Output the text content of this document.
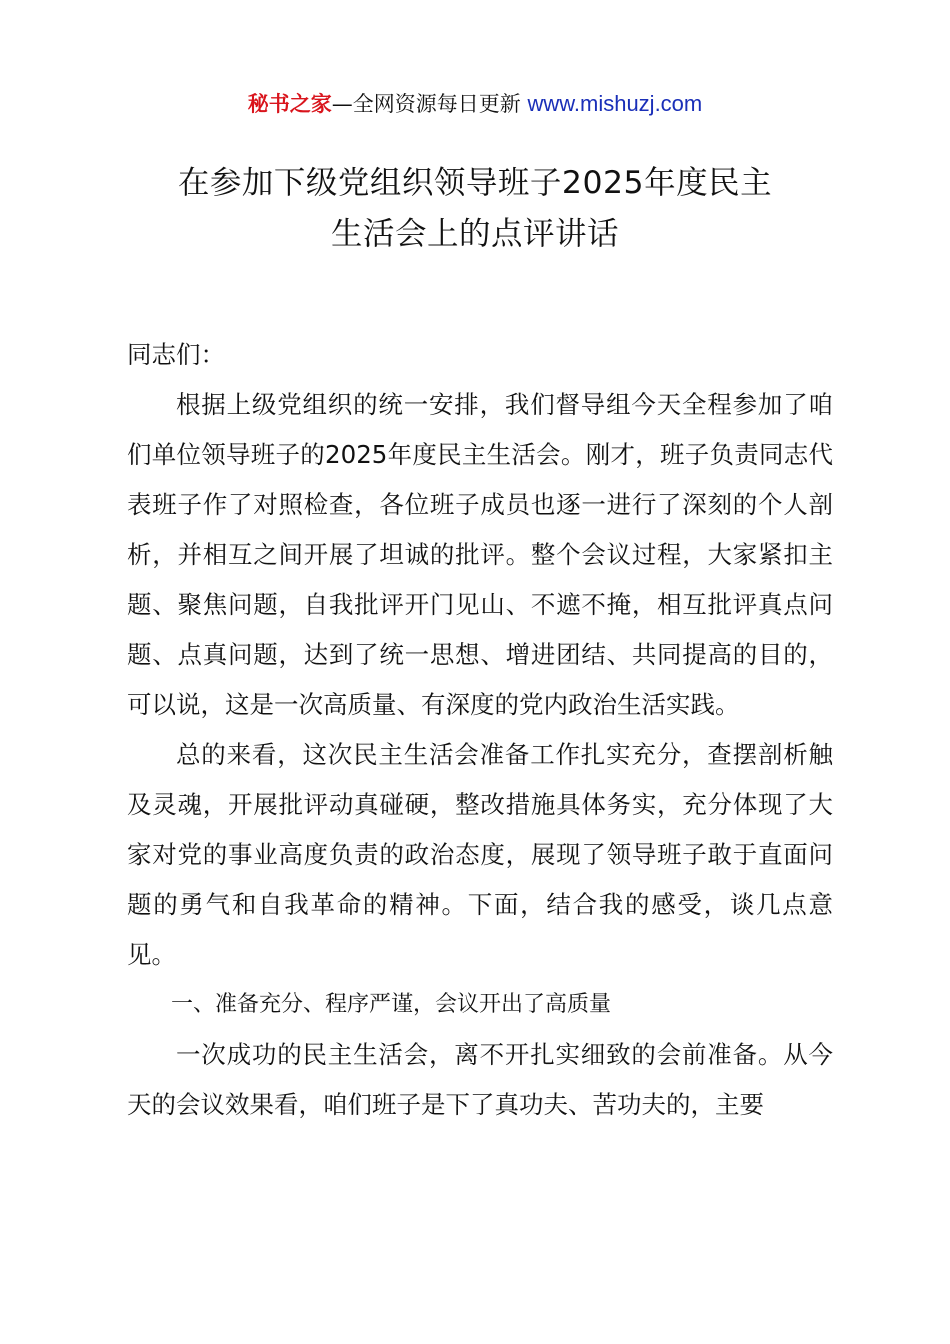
秘书之家—全网资源每日更新 www.mishuzj.com
在参加下级党组织领导班子2025年度民主
生活会上的点评讲话

同志们：

根据上级党组织的统一安排，我们督导组今天全程参加了咱们单位领导班子的2025年度民主生活会。刚才，班子负责同志代表班子作了对照检查，各位班子成员也逐一进行了深刻的个人剖析，并相互之间开展了坦诚的批评。整个会议过程，大家紧扣主题、聚焦问题，自我批评开门见山、不遮不掩，相互批评真点问题、点真问题，达到了统一思想、增进团结、共同提高的目的，可以说，这是一次高质量、有深度的党内政治生活实践。

总的来看，这次民主生活会准备工作扎实充分，查摆剖析触及灵魂，开展批评动真碰硬，整改措施具体务实，充分体现了大家对党的事业高度负责的政治态度，展现了领导班子敢于直面问题的勇气和自我革命的精神。下面，结合我的感受，谈几点意见。

一、准备充分、程序严谨，会议开出了高质量

一次成功的民主生活会，离不开扎实细致的会前准备。从今天的会议效果看，咱们班子是下了真功夫、苦功夫的，主要
